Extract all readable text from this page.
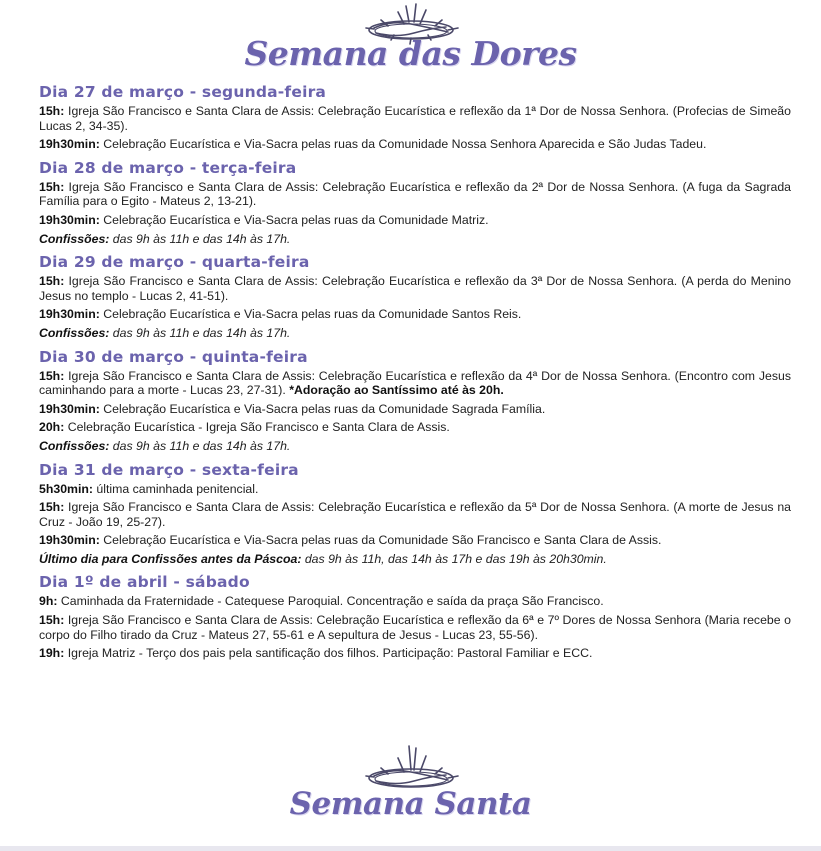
Semana das Dores
Dia 27 de março - segunda-feira
15h: Igreja São Francisco e Santa Clara de Assis: Celebração Eucarística e reflexão da 1ª Dor de Nossa Senhora. (Profecias de Simeão Lucas 2, 34-35).
19h30min: Celebração Eucarística e Via-Sacra pelas ruas da Comunidade Nossa Senhora Aparecida e São Judas Tadeu.
Dia 28 de março - terça-feira
15h: Igreja São Francisco e Santa Clara de Assis: Celebração Eucarística e reflexão da 2ª Dor de Nossa Senhora. (A fuga da Sagrada Família para o Egito - Mateus 2, 13-21).
19h30min: Celebração Eucarística e Via-Sacra pelas ruas da Comunidade Matriz.
Confissões: das 9h às 11h e das 14h às 17h.
Dia 29 de março - quarta-feira
15h: Igreja São Francisco e Santa Clara de Assis: Celebração Eucarística e reflexão da 3ª Dor de Nossa Senhora. (A perda do Menino Jesus no templo - Lucas 2, 41-51).
19h30min: Celebração Eucarística e Via-Sacra pelas ruas da Comunidade Santos Reis.
Confissões: das 9h às 11h e das 14h às 17h.
Dia 30 de março - quinta-feira
15h: Igreja São Francisco e Santa Clara de Assis: Celebração Eucarística e reflexão da 4ª Dor de Nossa Senhora. (Encontro com Jesus caminhando para a morte - Lucas 23, 27-31). *Adoração ao Santíssimo até às 20h.
19h30min: Celebração Eucarística e Via-Sacra pelas ruas da Comunidade Sagrada Família.
20h: Celebração Eucarística - Igreja São Francisco e Santa Clara de Assis.
Confissões: das 9h às 11h e das 14h às 17h.
Dia 31 de março - sexta-feira
5h30min: última caminhada penitencial.
15h: Igreja São Francisco e Santa Clara de Assis: Celebração Eucarística e reflexão da 5ª Dor de Nossa Senhora. (A morte de Jesus na Cruz - João 19, 25-27).
19h30min: Celebração Eucarística e Via-Sacra pelas ruas da Comunidade São Francisco e Santa Clara de Assis.
Último dia para Confissões antes da Páscoa: das 9h às 11h, das 14h às 17h e das 19h às 20h30min.
Dia 1º de abril - sábado
9h: Caminhada da Fraternidade - Catequese Paroquial. Concentração e saída da praça São Francisco.
15h: Igreja São Francisco e Santa Clara de Assis: Celebração Eucarística e reflexão da 6ª e 7º Dores de Nossa Senhora (Maria recebe o corpo do Filho tirado da Cruz - Mateus 27, 55-61 e A sepultura de Jesus - Lucas 23, 55-56).
19h: Igreja Matriz - Terço dos pais pela santificação dos filhos. Participação: Pastoral Familiar e ECC.
Semana Santa
